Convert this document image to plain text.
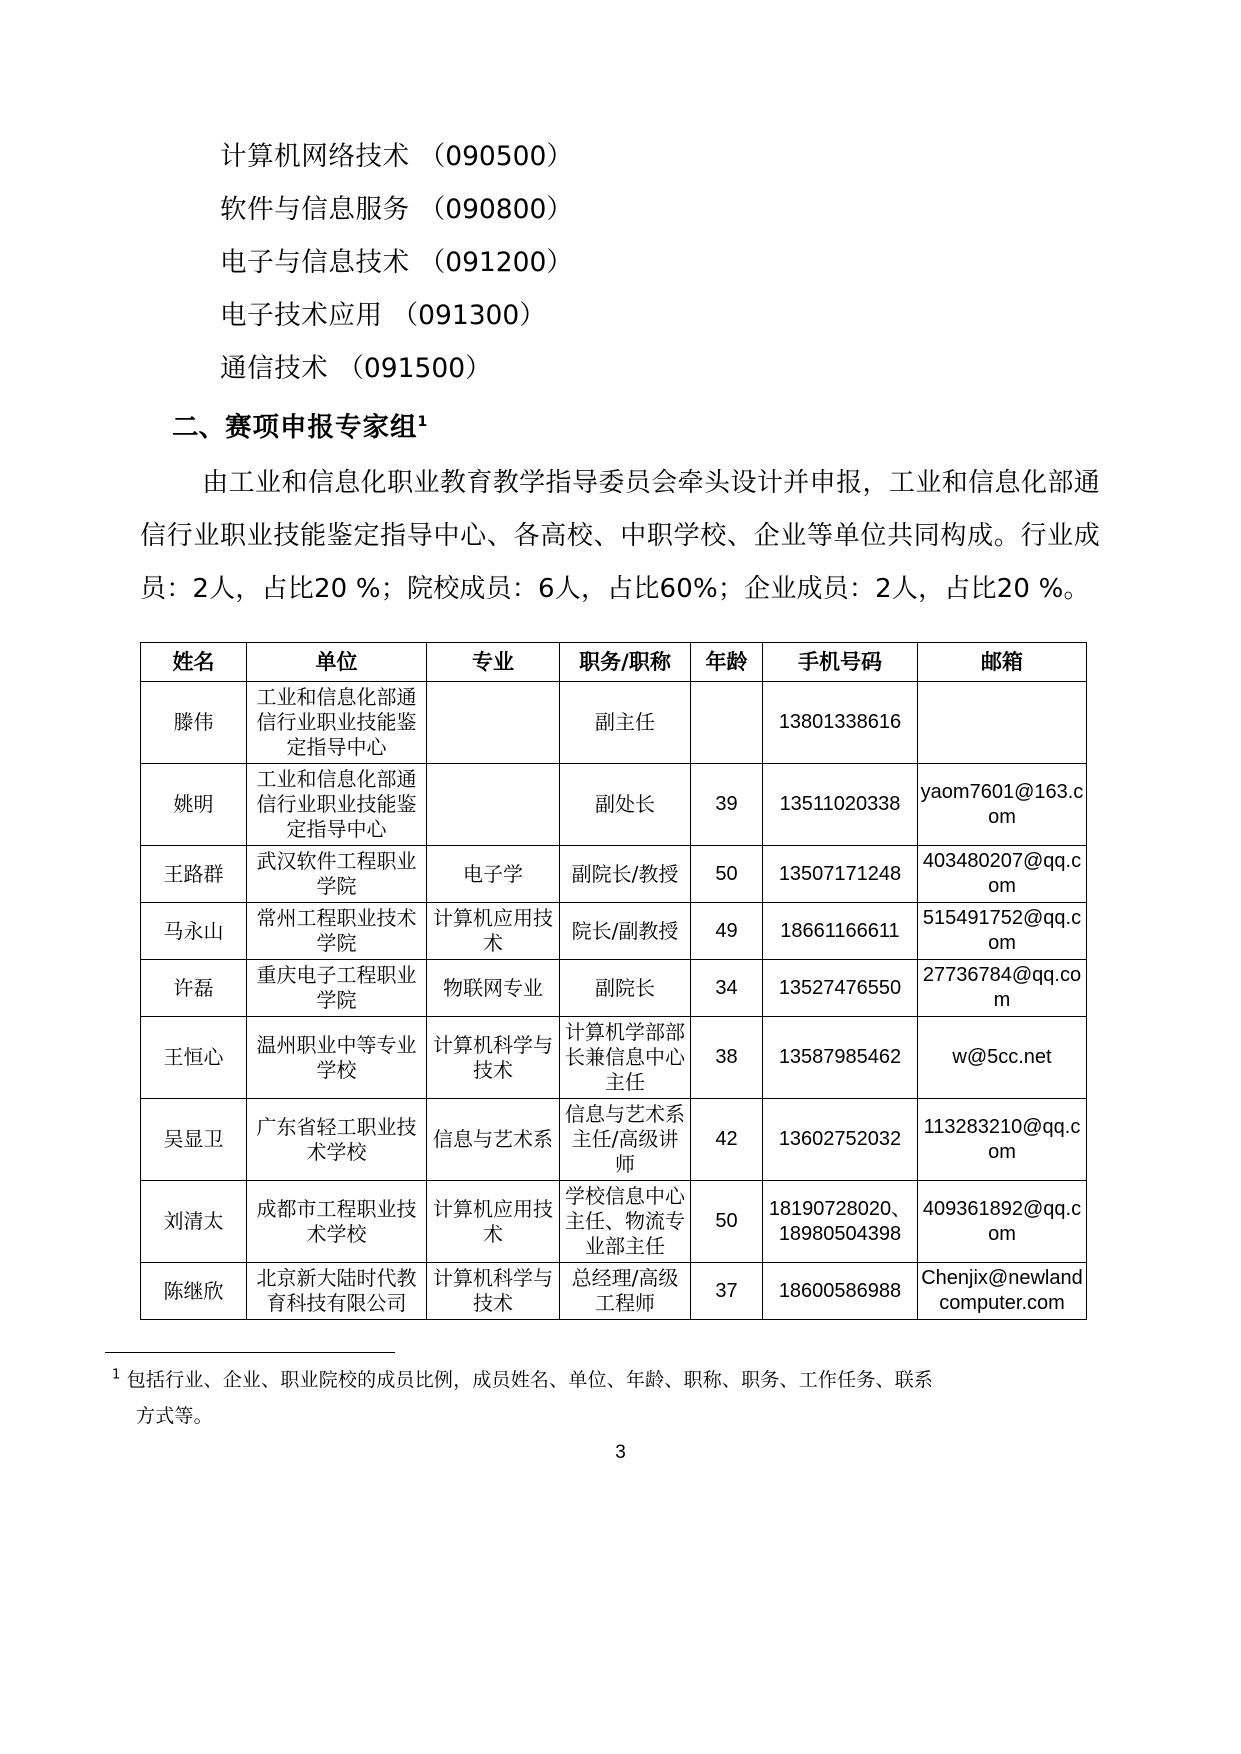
计算机网络技术 （090500）
软件与信息服务 （090800）
电子与信息技术 （091200）
电子技术应用 （091300）
通信技术 （091500）
二、赛项申报专家组$^1$

由工业和信息化职业教育教学指导委员会牵头设计并申报，工业和信息化部通信行业职业技能鉴定指导中心、各高校、中职学校、企业等单位共同构成。行业成员：2人，占比20 %；院校成员：6人，占比60%；企业成员：2人，占比20 %。

姓名	单位	专业	职务/职称	年龄	手机号码	邮箱
滕伟	工业和信息化部通信行业职业技能鉴定指导中心		副主任		13801338616	
姚明	工业和信息化部通信行业职业技能鉴定指导中心		副处长	39	13511020338	yaom7601@163.com
王路群	武汉软件工程职业学院	电子学	副院长/教授	50	13507171248	403480207@qq.com
马永山	常州工程职业技术学院	计算机应用技术	院长/副教授	49	18661166611	515491752@qq.com
许磊	重庆电子工程职业学院	物联网专业	副院长	34	13527476550	27736784@qq.com
王恒心	温州职业中等专业学校	计算机科学与技术	计算机学部部长兼信息中心主任	38	13587985462	w@5cc.net
吴显卫	广东省轻工职业技术学校	信息与艺术系	信息与艺术系主任/高级讲师	42	13602752032	113283210@qq.com
刘清太	成都市工程职业技术学校	计算机应用技术	学校信息中心主任、物流专业部主任	50	18190728020、18980504398	409361892@qq.com
陈继欣	北京新大陆时代教育科技有限公司	计算机科学与技术	总经理/高级工程师	37	18600586988	Chenjix@newlandcomputer.com
$^1$ 包括行业、企业、职业院校的成员比例，成员姓名、单位、年龄、职称、职务、工作任务、联系
方式等。
3
